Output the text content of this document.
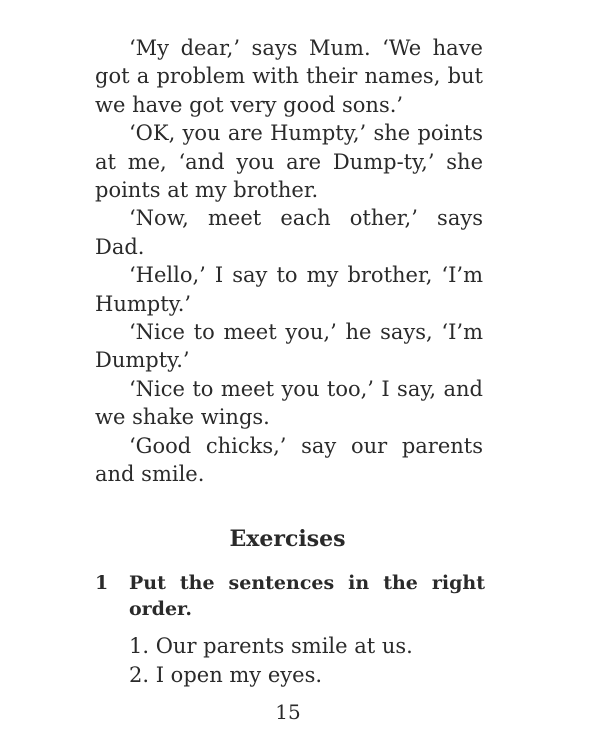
‘My dear,’ says Mum. ‘We have got a problem with their names, but we have got very good sons.’

‘OK, you are Humpty,’ she points at me, ‘and you are Dump-ty,’ she points at my brother.

‘Now, meet each other,’ says Dad.

‘Hello,’ I say to my brother, ‘I’m Humpty.’

‘Nice to meet you,’ he says, ‘I’m Dumpty.’

‘Nice to meet you too,’ I say, and we shake wings.

‘Good chicks,’ say our parents and smile.

Exercises
1	Put the sentences in the right order.
1. Our parents smile at us.
2. I open my eyes.
15
